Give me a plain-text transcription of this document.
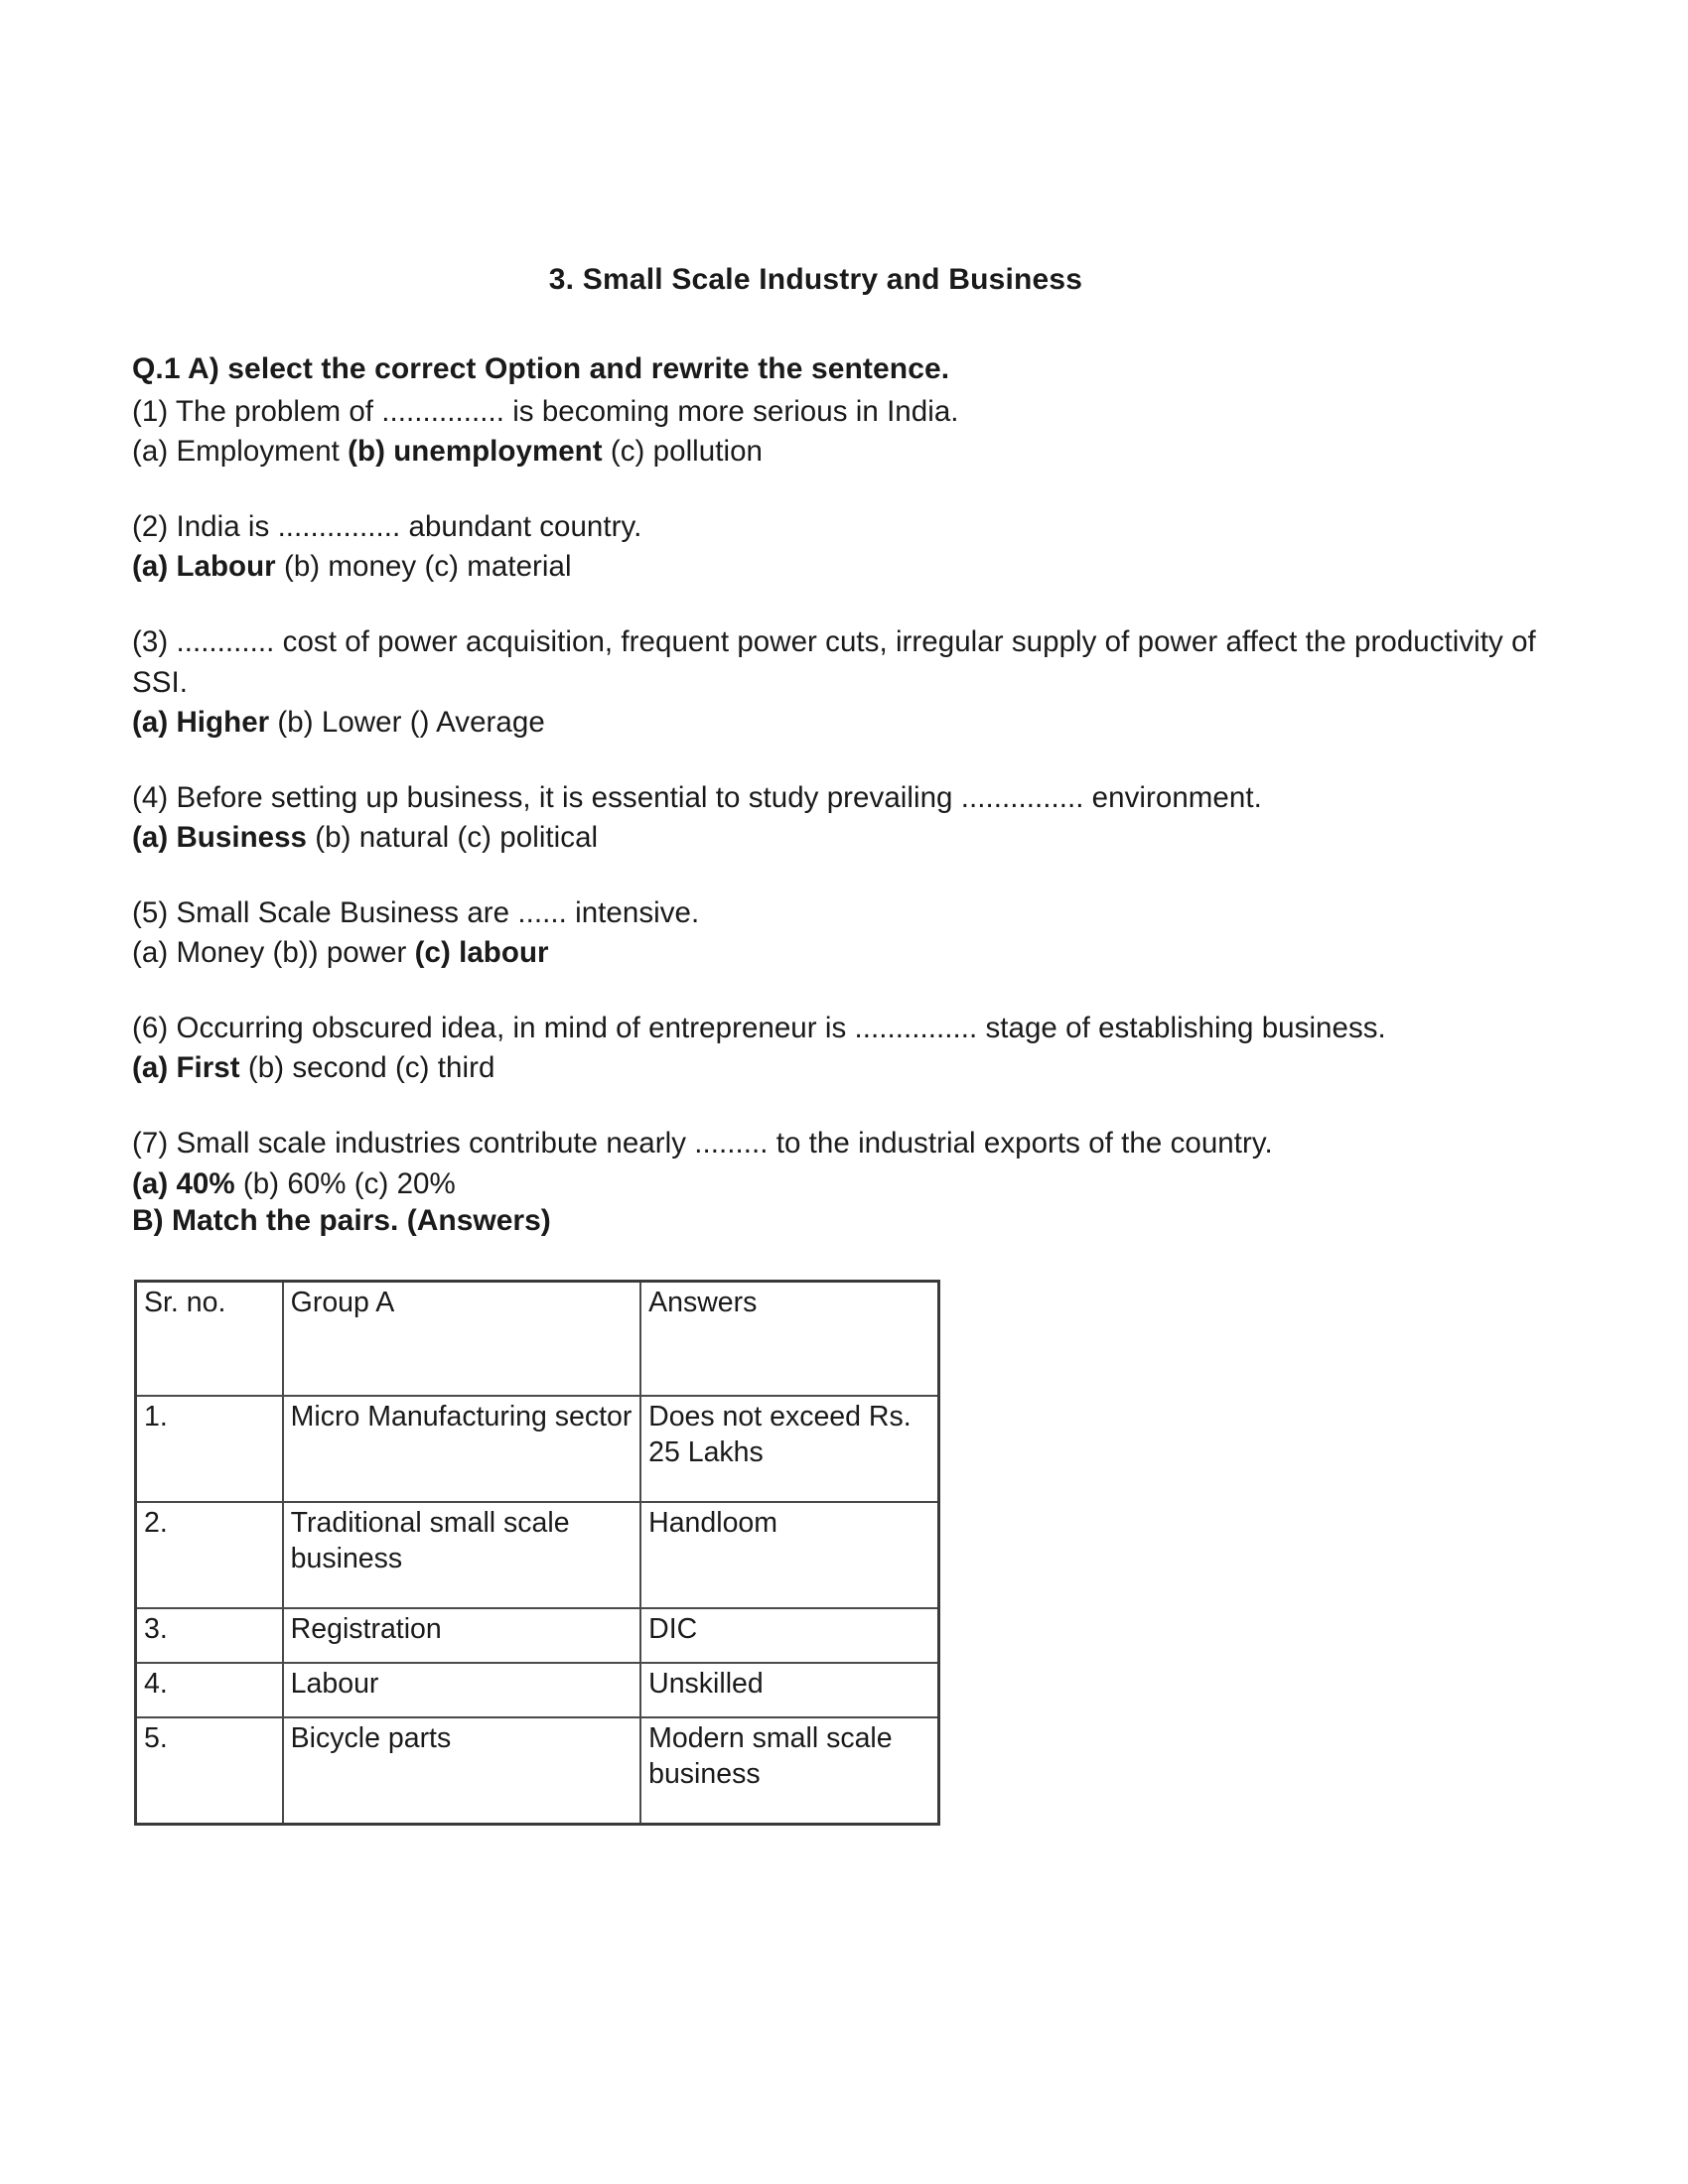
3. Small Scale Industry and Business
Q.1 A) select the correct Option and rewrite the sentence.

(1) The problem of ............... is becoming more serious in India.

(a) Employment (b) unemployment (c) pollution

(2) India is ............... abundant country.

(a) Labour (b) money (c) material

(3) ............ cost of power acquisition, frequent power cuts, irregular supply of power affect the productivity of SSI.

(a) Higher (b) Lower () Average

(4) Before setting up business, it is essential to study prevailing ............... environment.

(a) Business (b) natural (c) political

(5) Small Scale Business are ...... intensive.

(a) Money (b)) power (c) labour

(6) Occurring obscured idea, in mind of entrepreneur is ............... stage of establishing business.

(a) First (b) second (c) third

(7) Small scale industries contribute nearly ......... to the industrial exports of the country.

(a) 40% (b) 60% (c) 20%

B) Match the pairs. (Answers)
Sr. no.	Group A	Answers
1.	Micro Manufacturing sector	Does not exceed Rs. 25 Lakhs
2.	Traditional small scale business	Handloom
3.	Registration	DIC
4.	Labour	Unskilled
5.	Bicycle parts	Modern small scale business
